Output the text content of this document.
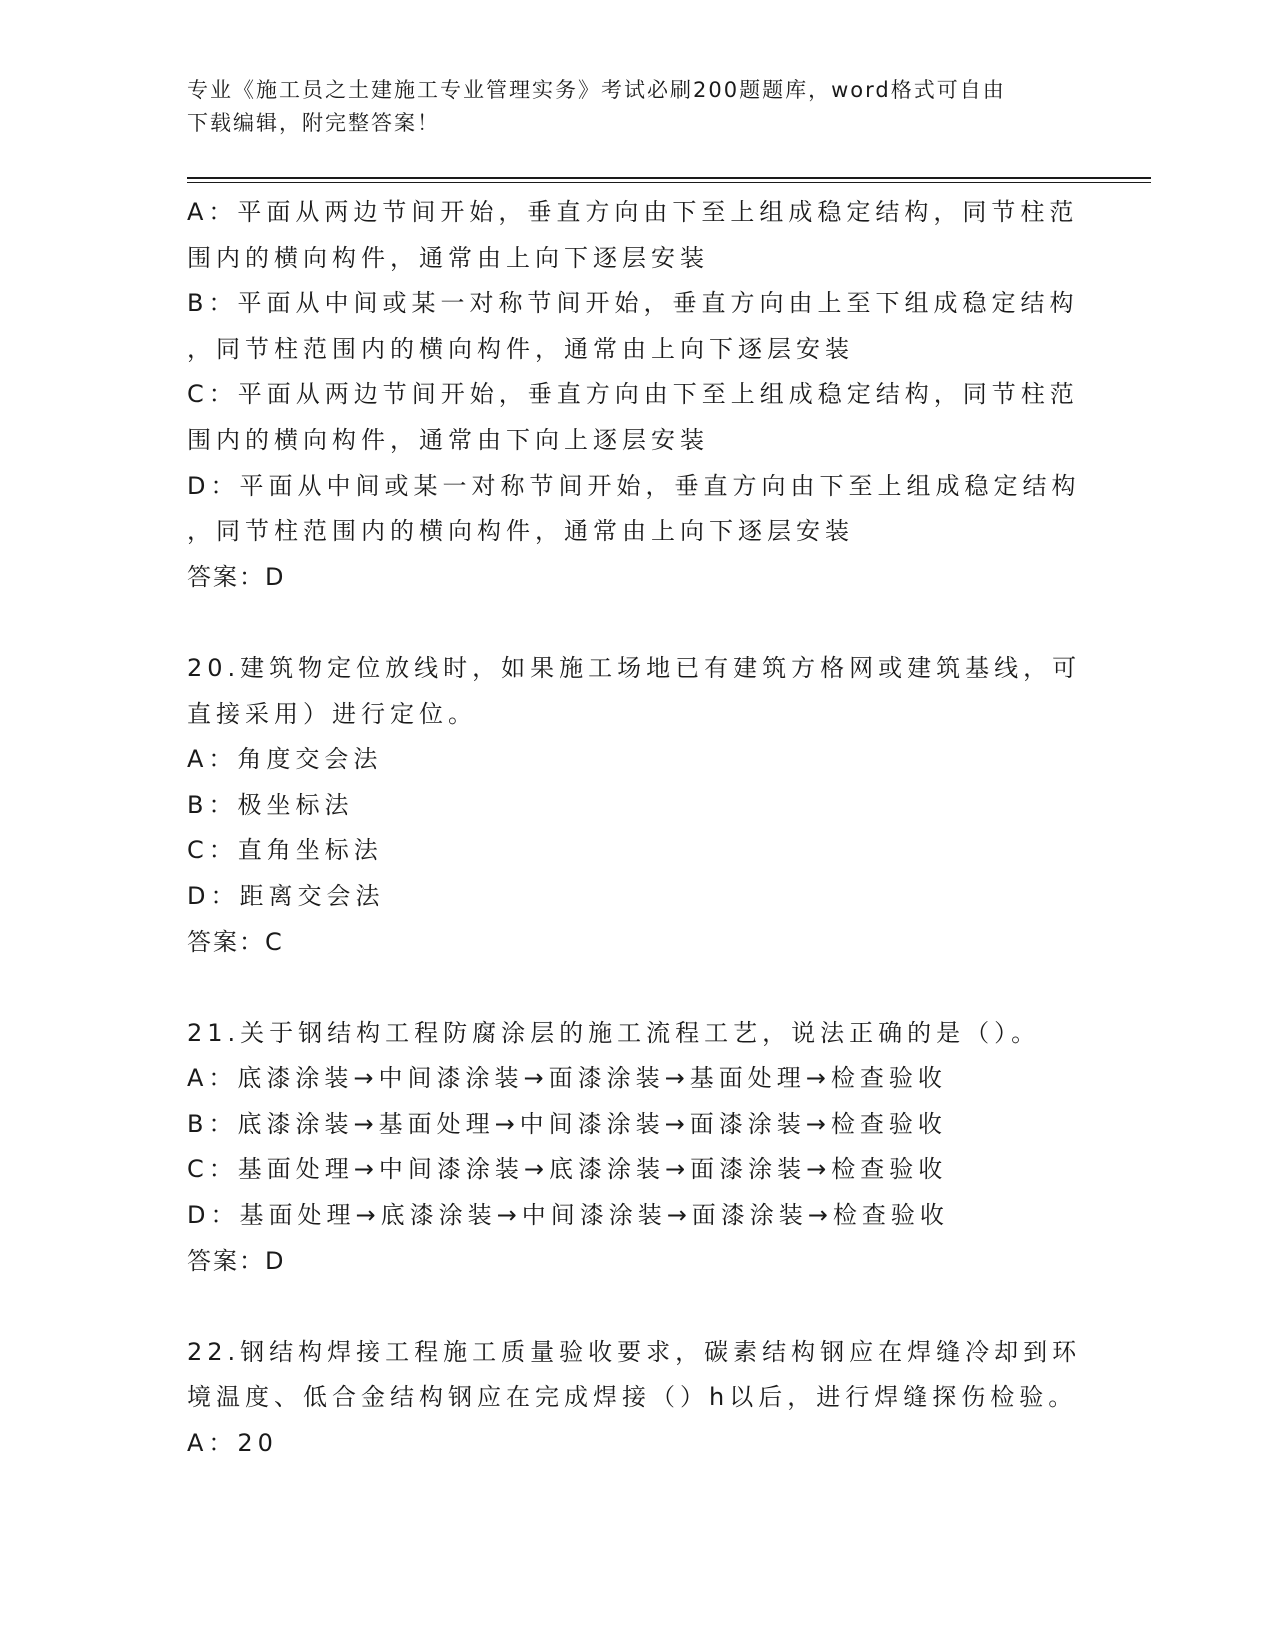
专业《施工员之土建施工专业管理实务》考试必刷200题题库，word格式可自由
下载编辑，附完整答案！
A：平面从两边节间开始，垂直方向由下至上组成稳定结构，同节柱范
围内的横向构件，通常由上向下逐层安装
B：平面从中间或某一对称节间开始，垂直方向由上至下组成稳定结构
，同节柱范围内的横向构件，通常由上向下逐层安装
C：平面从两边节间开始，垂直方向由下至上组成稳定结构，同节柱范
围内的横向构件，通常由下向上逐层安装
D：平面从中间或某一对称节间开始，垂直方向由下至上组成稳定结构
，同节柱范围内的横向构件，通常由上向下逐层安装
答案：D
20.建筑物定位放线时，如果施工场地已有建筑方格网或建筑基线，可
直接采用）进行定位。
A：角度交会法
B：极坐标法
C：直角坐标法
D：距离交会法
答案：C
21.关于钢结构工程防腐涂层的施工流程工艺，说法正确的是（）。
A：底漆涂装→中间漆涂装→面漆涂装→基面处理→检查验收
B：底漆涂装→基面处理→中间漆涂装→面漆涂装→检查验收
C：基面处理→中间漆涂装→底漆涂装→面漆涂装→检查验收
D：基面处理→底漆涂装→中间漆涂装→面漆涂装→检查验收
答案：D
22.钢结构焊接工程施工质量验收要求，碳素结构钢应在焊缝冷却到环
境温度、低合金结构钢应在完成焊接（）h以后，进行焊缝探伤检验。
A：20
